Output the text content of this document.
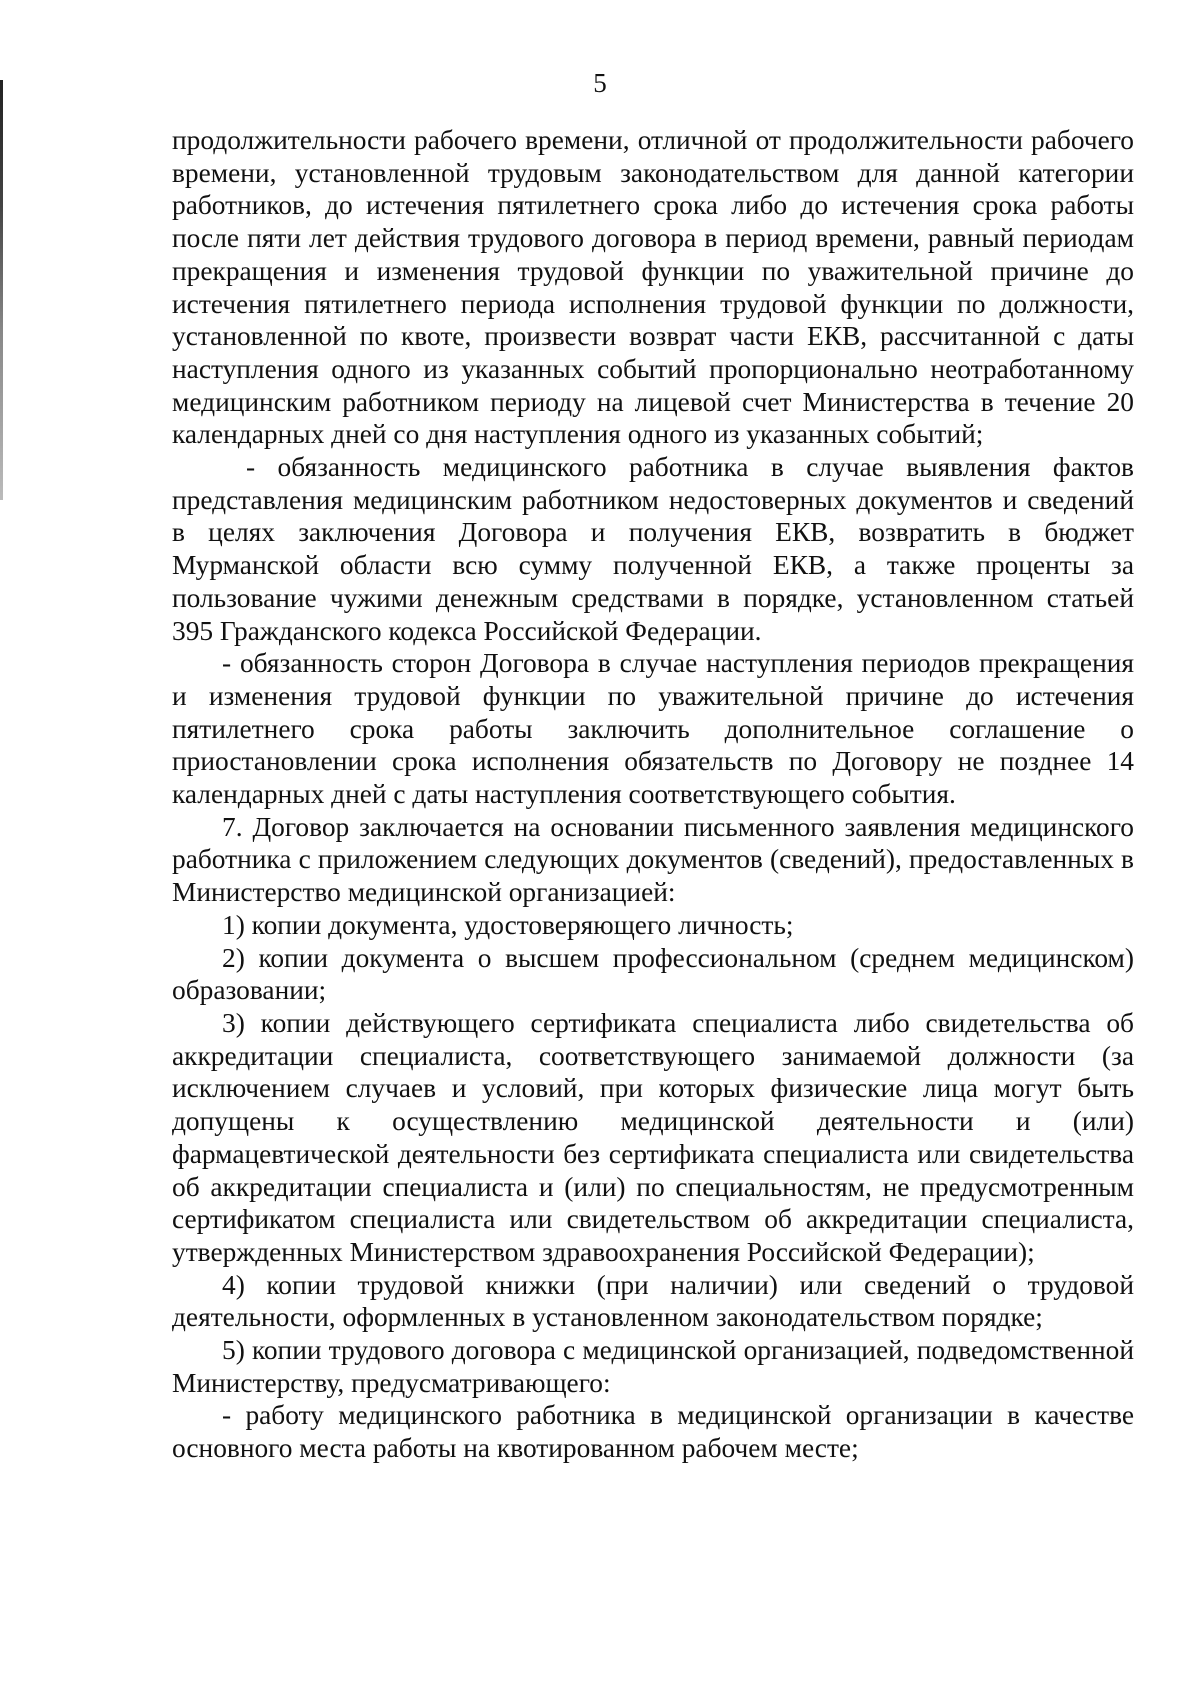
5

продолжительности рабочего времени, отличной от продолжительности рабочего времени, установленной трудовым законодательством для данной категории работников, до истечения пятилетнего срока либо до истечения срока работы после пяти лет действия трудового договора в период времени, равный периодам прекращения и изменения трудовой функции по уважительной причине до истечения пятилетнего периода исполнения трудовой функции по должности, установленной по квоте, произвести возврат части ЕКВ, рассчитанной с даты наступления одного из указанных событий пропорционально неотработанному медицинским работником периоду на лицевой счет Министерства в течение 20 календарных дней со дня наступления одного из указанных событий;

- обязанность медицинского работника в случае выявления фактов представления медицинским работником недостоверных документов и сведений в целях заключения Договора и получения ЕКВ, возвратить в бюджет Мурманской области всю сумму полученной ЕКВ, а также проценты за пользование чужими денежным средствами в порядке, установленном статьей 395 Гражданского кодекса Российской Федерации.

- обязанность сторон Договора в случае наступления периодов прекращения и изменения трудовой функции по уважительной причине до истечения пятилетнего срока работы заключить дополнительное соглашение о приостановлении срока исполнения обязательств по Договору не позднее 14 календарных дней с даты наступления соответствующего события.

7. Договор заключается на основании письменного заявления медицинского работника с приложением следующих документов (сведений), предоставленных в Министерство медицинской организацией:

1) копии документа, удостоверяющего личность;

2) копии документа о высшем профессиональном (среднем медицинском) образовании;

3) копии действующего сертификата специалиста либо свидетельства об аккредитации специалиста, соответствующего занимаемой должности (за исключением случаев и условий, при которых физические лица могут быть допущены к осуществлению медицинской деятельности и (или) фармацевтической деятельности без сертификата специалиста или свидетельства об аккредитации специалиста и (или) по специальностям, не предусмотренным сертификатом специалиста или свидетельством об аккредитации специалиста, утвержденных Министерством здравоохранения Российской Федерации);

4) копии трудовой книжки (при наличии) или сведений о трудовой деятельности, оформленных в установленном законодательством порядке;

5) копии трудового договора с медицинской организацией, подведомственной Министерству, предусматривающего:

- работу медицинского работника в медицинской организации в качестве основного места работы на квотированном рабочем месте;
